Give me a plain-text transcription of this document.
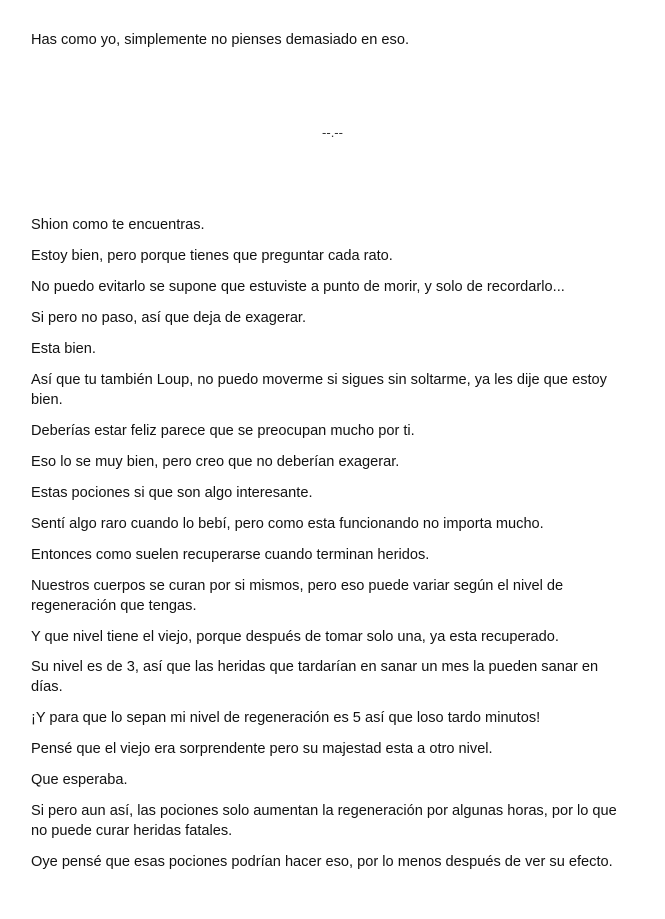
Has como yo, simplemente no pienses demasiado en eso.

--.--

Shion como te encuentras.

Estoy bien, pero porque tienes que preguntar cada rato.

No puedo evitarlo se supone que estuviste a punto de morir, y solo de recordarlo...

Si pero no paso, así que deja de exagerar.

Esta bien.

Así que tu también Loup, no puedo moverme si sigues sin soltarme, ya les dije que estoy bien.

Deberías estar feliz parece que se preocupan mucho por ti.

Eso lo se muy bien, pero creo que no deberían exagerar.

Estas pociones si que son algo interesante.

Sentí algo raro cuando lo bebí, pero como esta funcionando no importa mucho.

Entonces como suelen recuperarse cuando terminan heridos.

Nuestros cuerpos se curan por si mismos, pero eso puede variar según el nivel de regeneración que tengas.

Y que nivel tiene el viejo, porque después de tomar solo una, ya esta recuperado.

Su nivel es de 3, así que las heridas que tardarían en sanar un mes la pueden sanar en días.

¡Y para que lo sepan mi nivel de regeneración es 5 así que loso tardo minutos!

Pensé que el viejo era sorprendente pero su majestad esta a otro nivel.

Que esperaba.

Si pero aun así, las pociones solo aumentan la regeneración por algunas horas, por lo que no puede curar heridas fatales.

Oye pensé que esas pociones podrían hacer eso, por lo menos después de ver su efecto.
